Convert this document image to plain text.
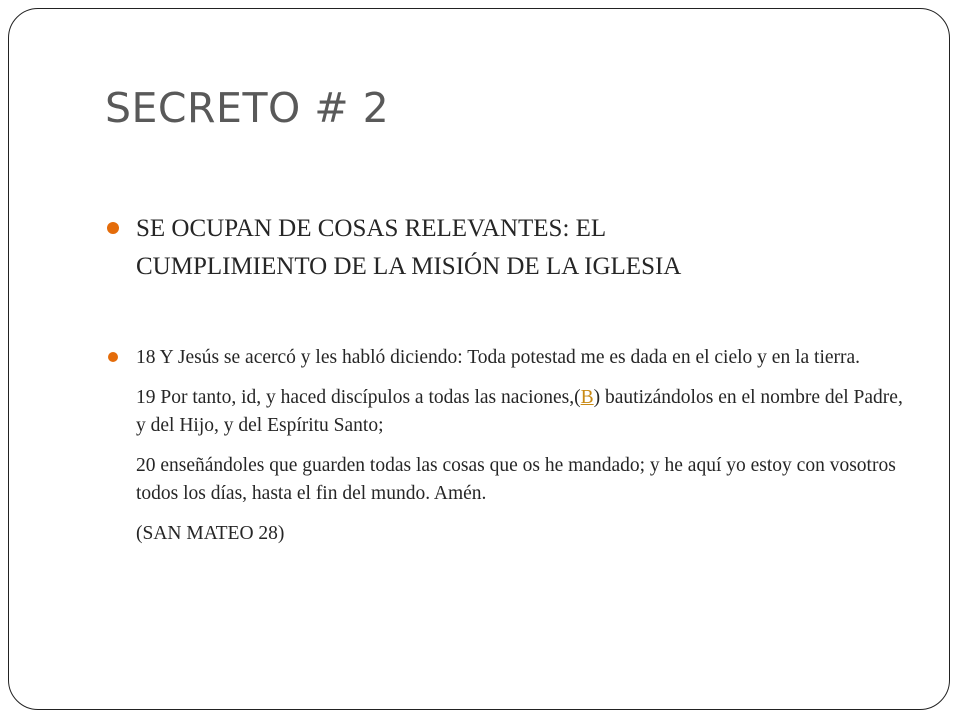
SECRETO # 2
SE OCUPAN DE COSAS RELEVANTES: EL
CUMPLIMIENTO DE LA MISIÓN DE LA IGLESIA

18 Y Jesús se acercó y les habló diciendo: Toda potestad me es dada en el cielo y en la tierra.

19 Por tanto, id, y haced discípulos a todas las naciones,(B) bautizándolos en el nombre del Padre, y del Hijo, y del Espíritu Santo;

20 enseñándoles que guarden todas las cosas que os he mandado; y he aquí yo estoy con vosotros todos los días, hasta el fin del mundo. Amén.

(SAN MATEO 28)
